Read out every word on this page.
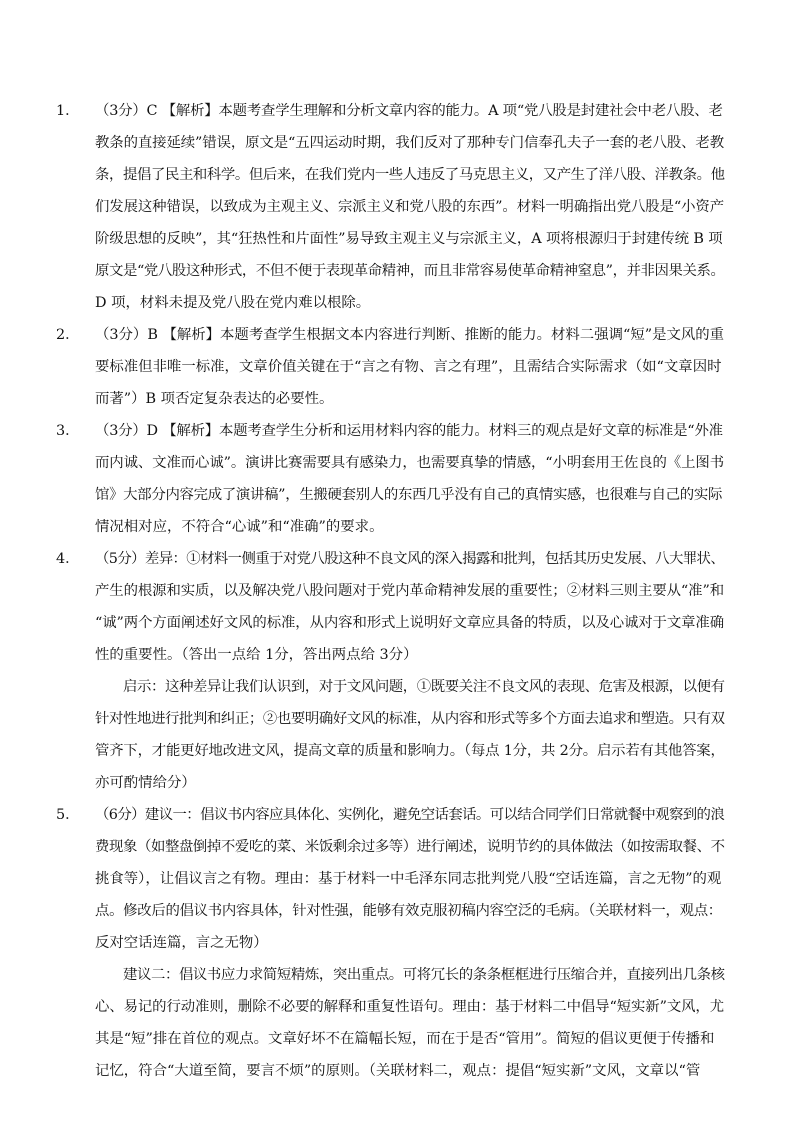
1．	（3分）C 【解析】本题考查学生理解和分析文章内容的能力。A 项“党八股是封建社会中老八股、老
教条的直接延续”错误，原文是“五四运动时期，我们反对了那种专门信奉孔夫子一套的老八股、老教
条，提倡了民主和科学。但后来，在我们党内一些人违反了马克思主义，又产生了洋八股、洋教条。他
们发展这种错误，以致成为主观主义、宗派主义和党八股的东西”。材料一明确指出党八股是“小资产
阶级思想的反映”，其“狂热性和片面性”易导致主观主义与宗派主义，A 项将根源归于封建传统 B 项
原文是“党八股这种形式，不但不便于表现革命精神，而且非常容易使革命精神窒息”，并非因果关系。
D 项，材料未提及党八股在党内难以根除。
2．	（3分）B 【解析】本题考查学生根据文本内容进行判断、推断的能力。材料二强调“短”是文风的重
要标准但非唯一标准，文章价值关键在于“言之有物、言之有理”，且需结合实际需求（如“文章因时
而著”）B 项否定复杂表达的必要性。
3．	（3分）D 【解析】本题考查学生分析和运用材料内容的能力。材料三的观点是好文章的标准是“外准
而内诚、文准而心诚”。演讲比赛需要具有感染力，也需要真挚的情感，“小明套用王佐良的《上图书
馆》大部分内容完成了演讲稿”，生搬硬套别人的东西几乎没有自己的真情实感，也很难与自己的实际
情况相对应，不符合“心诚”和“准确”的要求。
4．	（5分）差异：①材料一侧重于对党八股这种不良文风的深入揭露和批判，包括其历史发展、八大罪状、
产生的根源和实质，以及解决党八股问题对于党内革命精神发展的重要性；②材料三则主要从“准”和
“诚”两个方面阐述好文风的标准，从内容和形式上说明好文章应具备的特质，以及心诚对于文章准确
性的重要性。（答出一点给 1分，答出两点给 3分）
　　启示：这种差异让我们认识到，对于文风问题，①既要关注不良文风的表现、危害及根源，以便有
针对性地进行批判和纠正；②也要明确好文风的标准，从内容和形式等多个方面去追求和塑造。只有双
管齐下，才能更好地改进文风，提高文章的质量和影响力。（每点 1分，共 2分。启示若有其他答案，
亦可酌情给分）
5．	（6分）建议一：倡议书内容应具体化、实例化，避免空话套话。可以结合同学们日常就餐中观察到的浪
费现象（如整盘倒掉不爱吃的菜、米饭剩余过多等）进行阐述，说明节约的具体做法（如按需取餐、不
挑食等），让倡议言之有物。理由：基于材料一中毛泽东同志批判党八股“空话连篇，言之无物”的观
点。修改后的倡议书内容具体，针对性强，能够有效克服初稿内容空泛的毛病。（关联材料一，观点：
反对空话连篇，言之无物）
　　建议二：倡议书应力求简短精炼，突出重点。可将冗长的条条框框进行压缩合并，直接列出几条核
心、易记的行动准则，删除不必要的解释和重复性语句。理由：基于材料二中倡导“短实新”文风，尤
其是“短”排在首位的观点。文章好坏不在篇幅长短，而在于是否“管用”。简短的倡议更便于传播和
记忆，符合“大道至简，要言不烦”的原则。（关联材料二，观点：提倡“短实新”文风，文章以“管
